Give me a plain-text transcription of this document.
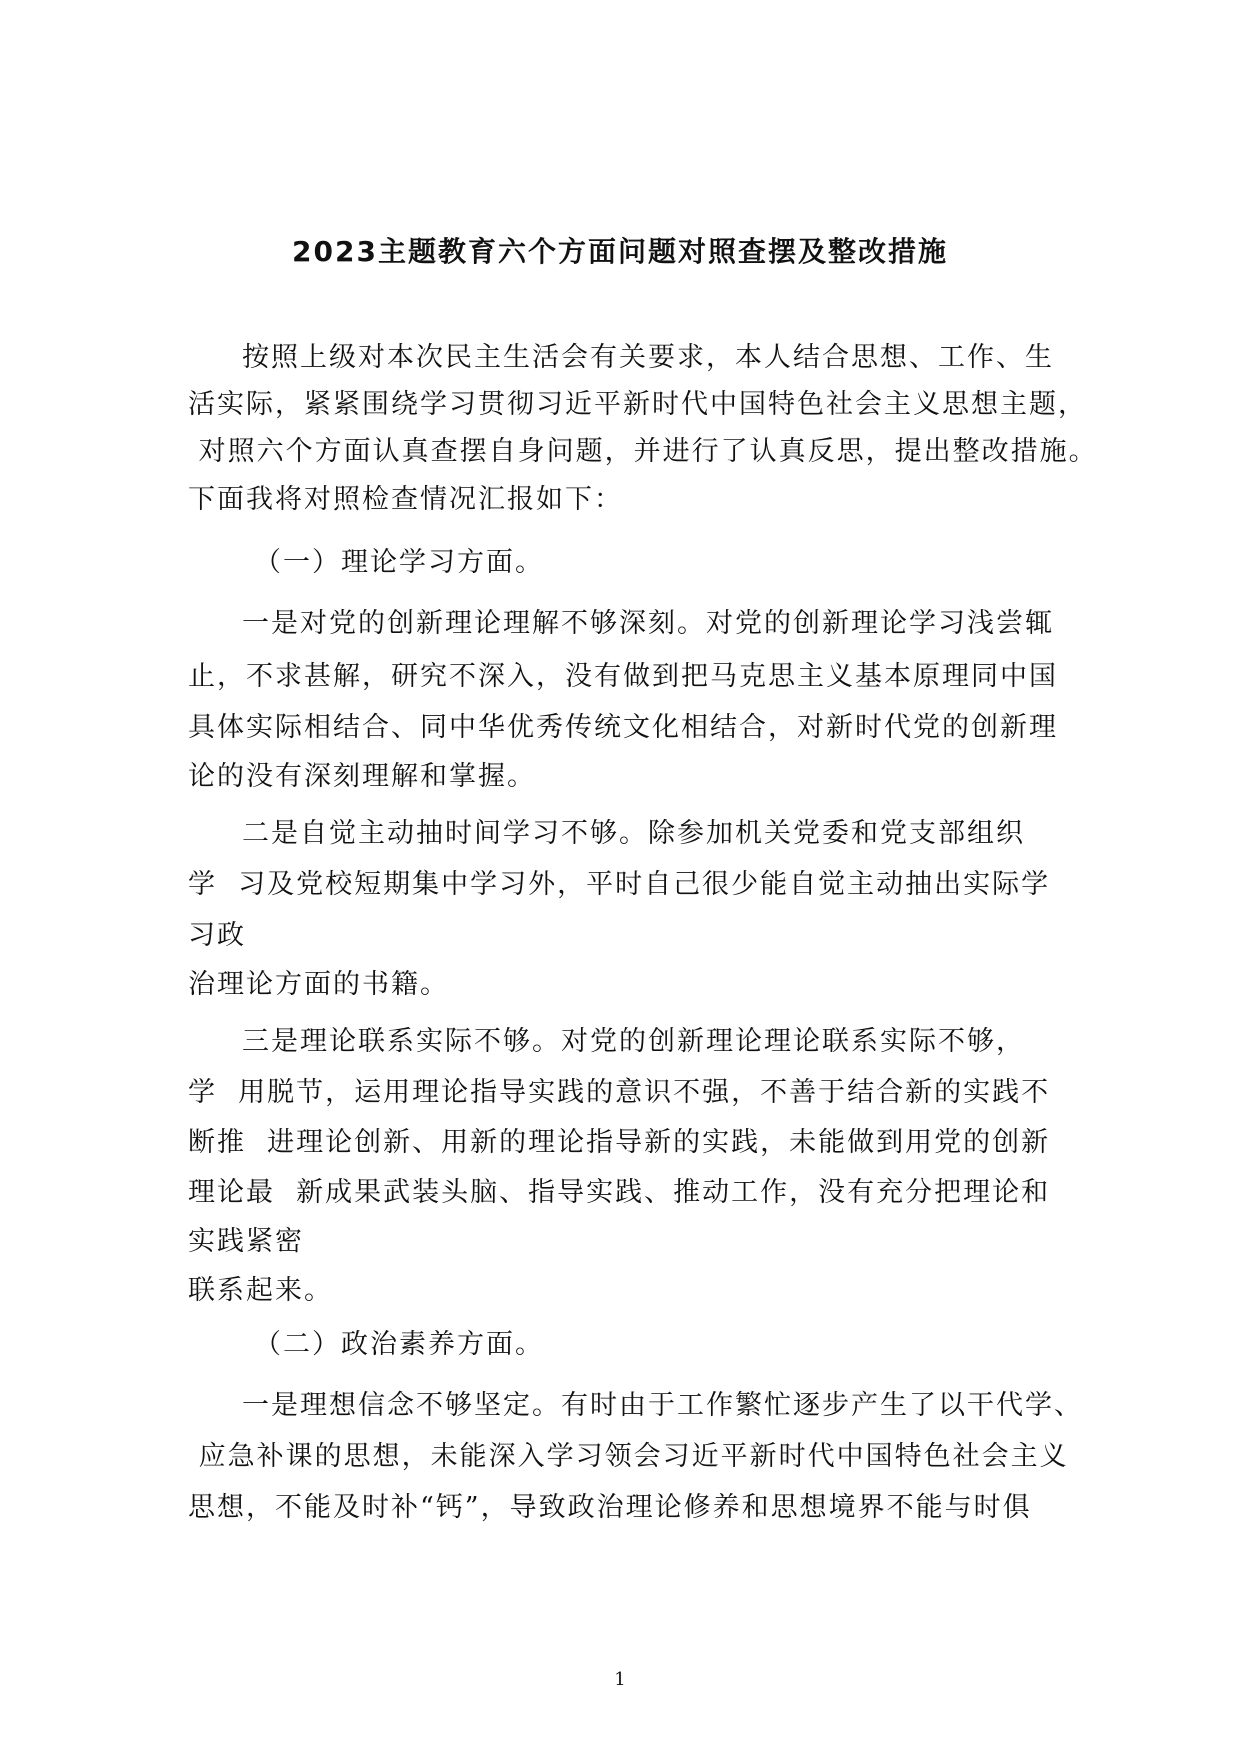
2023主题教育六个方面问题对照查摆及整改措施
按照上级对本次民主生活会有关要求，本人结合思想、工作、生
活实际，紧紧围绕学习贯彻习近平新时代中国特色社会主义思想主题，
对照六个方面认真查摆自身问题，并进行了认真反思，提出整改措施。
下面我将对照检查情况汇报如下：
（一）理论学习方面。
一是对党的创新理论理解不够深刻。对党的创新理论学习浅尝辄
止，不求甚解，研究不深入，没有做到把马克思主义基本原理同中国
具体实际相结合、同中华优秀传统文化相结合，对新时代党的创新理
论的没有深刻理解和掌握。
二是自觉主动抽时间学习不够。除参加机关党委和党支部组织
学  习及党校短期集中学习外，平时自己很少能自觉主动抽出实际学
习政
治理论方面的书籍。
三是理论联系实际不够。对党的创新理论理论联系实际不够，
学  用脱节，运用理论指导实践的意识不强，不善于结合新的实践不
断推  进理论创新、用新的理论指导新的实践，未能做到用党的创新
理论最  新成果武装头脑、指导实践、推动工作，没有充分把理论和
实践紧密
联系起来。
（二）政治素养方面。
一是理想信念不够坚定。有时由于工作繁忙逐步产生了以干代学、
应急补课的思想，未能深入学习领会习近平新时代中国特色社会主义
思想，不能及时补“钙”，导致政治理论修养和思想境界不能与时俱
1
